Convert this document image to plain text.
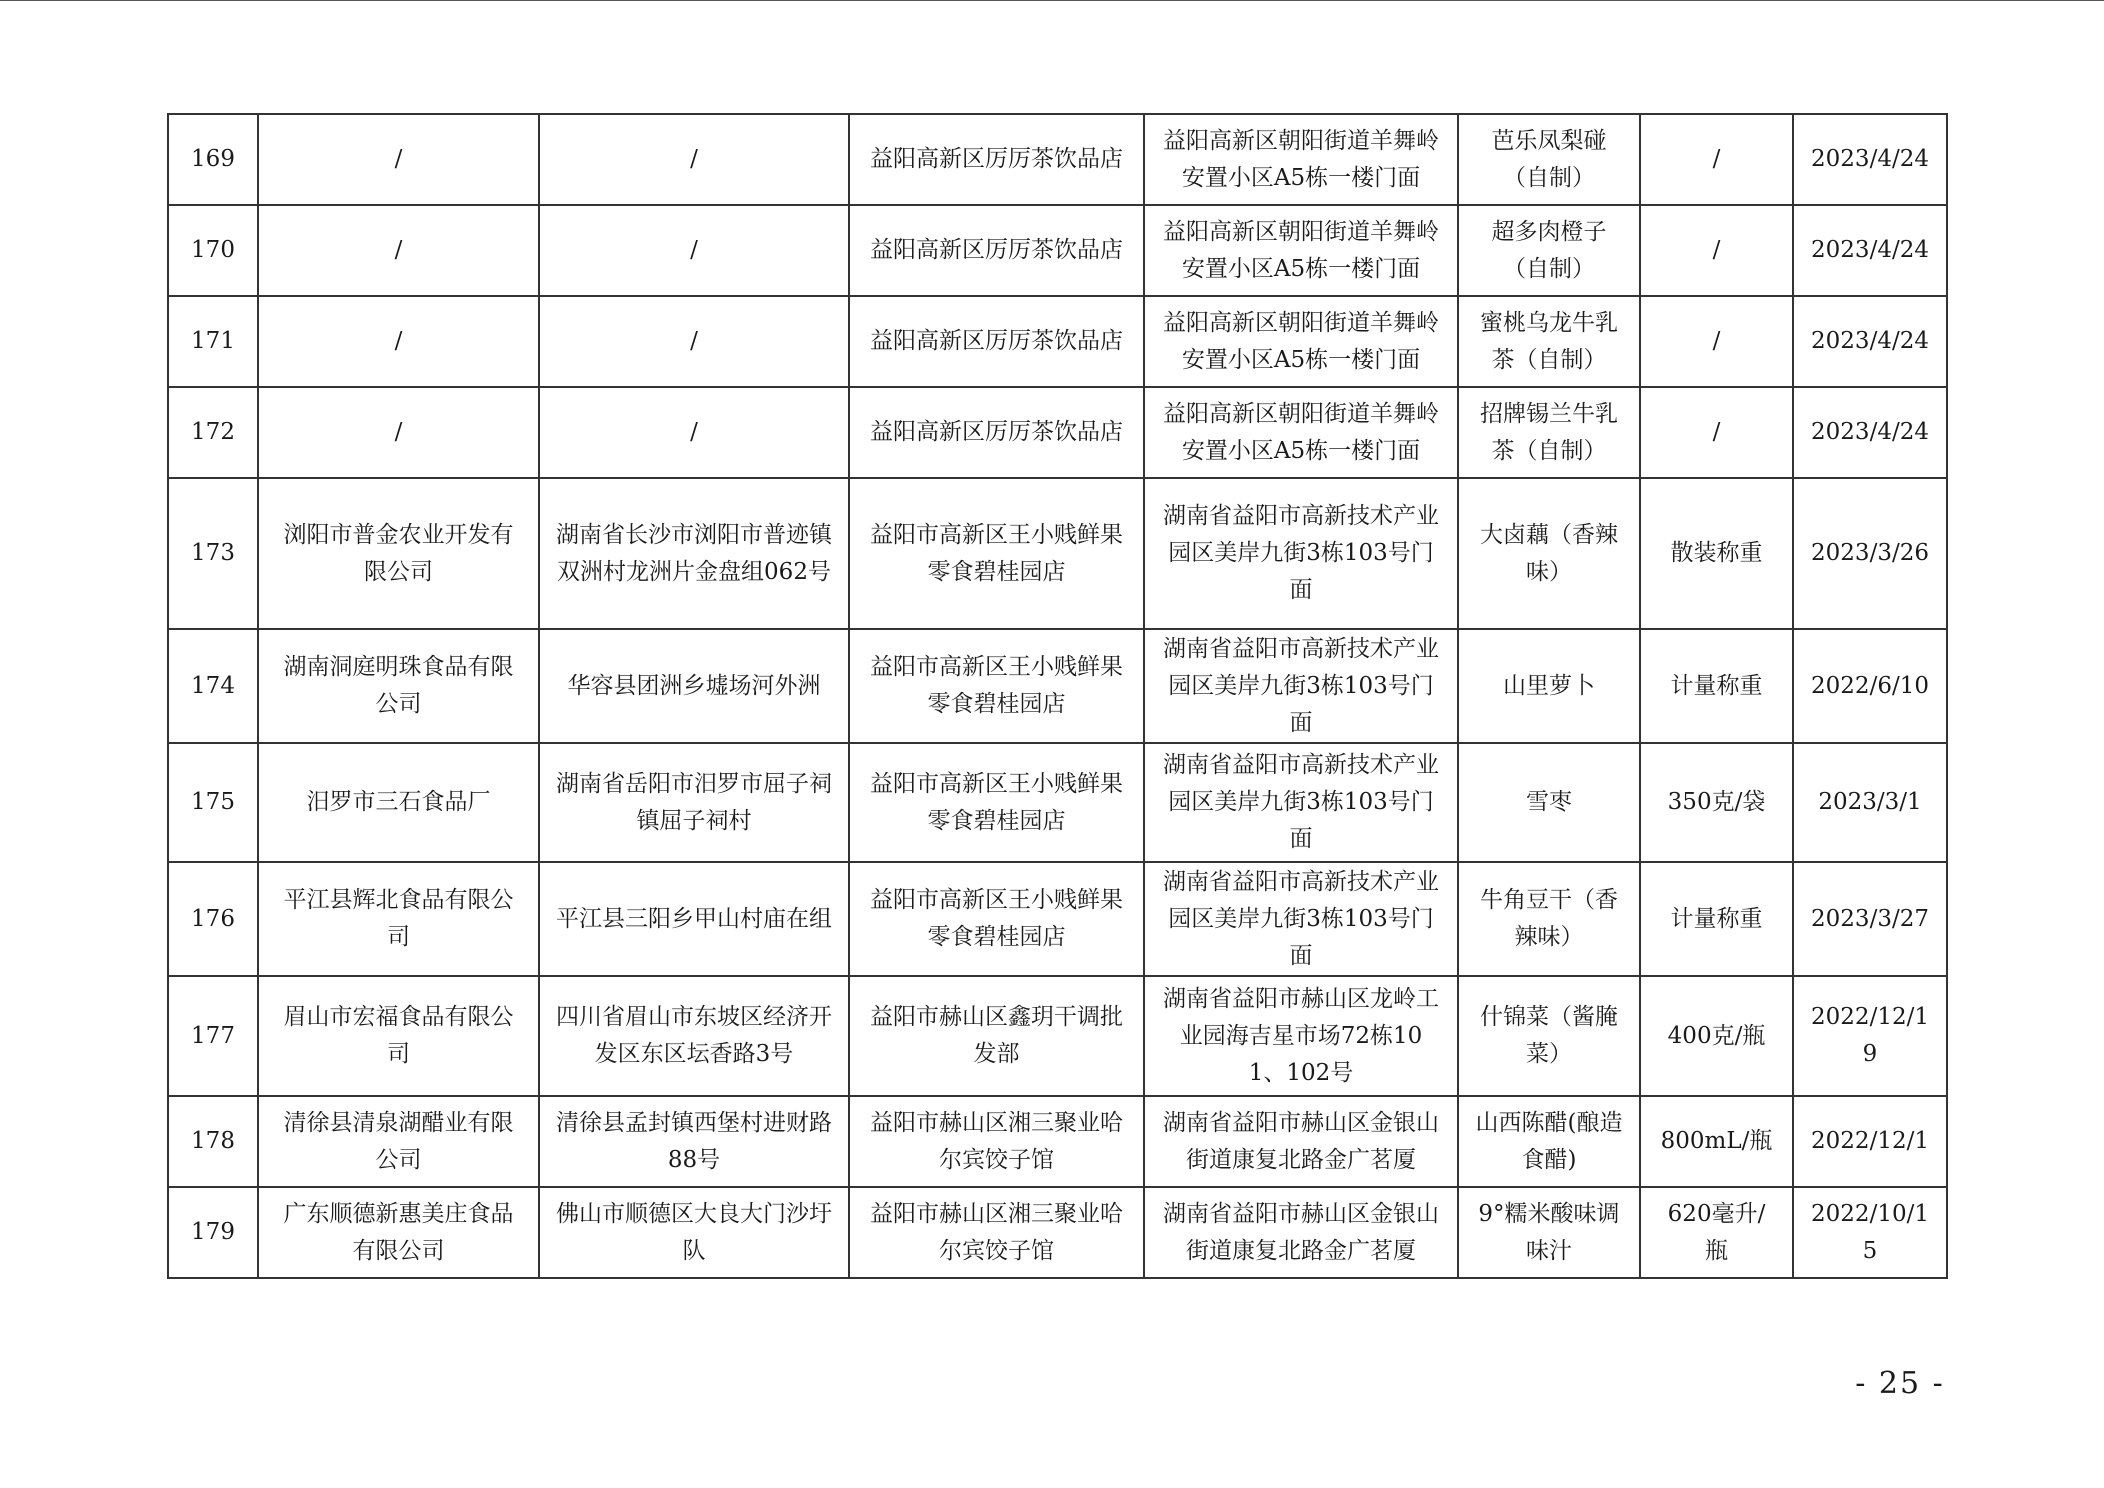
169	/	/	益阳高新区厉厉茶饮品店	益阳高新区朝阳街道羊舞岭安置小区A5栋一楼门面	芭乐凤梨碰（自制）	/	2023/4/24
170	/	/	益阳高新区厉厉茶饮品店	益阳高新区朝阳街道羊舞岭安置小区A5栋一楼门面	超多肉橙子（自制）	/	2023/4/24
171	/	/	益阳高新区厉厉茶饮品店	益阳高新区朝阳街道羊舞岭安置小区A5栋一楼门面	蜜桃乌龙牛乳茶（自制）	/	2023/4/24
172	/	/	益阳高新区厉厉茶饮品店	益阳高新区朝阳街道羊舞岭安置小区A5栋一楼门面	招牌锡兰牛乳茶（自制）	/	2023/4/24
173	浏阳市普金农业开发有限公司	湖南省长沙市浏阳市普迹镇双洲村龙洲片金盘组062号	益阳市高新区王小贱鲜果零食碧桂园店	湖南省益阳市高新技术产业园区美岸九街3栋103号门面	大卤藕（香辣味）	散装称重	2023/3/26
174	湖南洞庭明珠食品有限公司	华容县团洲乡墟场河外洲	益阳市高新区王小贱鲜果零食碧桂园店	湖南省益阳市高新技术产业园区美岸九街3栋103号门面	山里萝卜	计量称重	2022/6/10
175	汨罗市三石食品厂	湖南省岳阳市汨罗市屈子祠镇屈子祠村	益阳市高新区王小贱鲜果零食碧桂园店	湖南省益阳市高新技术产业园区美岸九街3栋103号门面	雪枣	350克/袋	2023/3/1
176	平江县辉北食品有限公司	平江县三阳乡甲山村庙在组	益阳市高新区王小贱鲜果零食碧桂园店	湖南省益阳市高新技术产业园区美岸九街3栋103号门面	牛角豆干（香辣味）	计量称重	2023/3/27
177	眉山市宏福食品有限公司	四川省眉山市东坡区经济开发区东区坛香路3号	益阳市赫山区鑫玥干调批发部	湖南省益阳市赫山区龙岭工业园海吉星市场72栋101、102号	什锦菜（酱腌菜）	400克/瓶	2022/12/19
178	清徐县清泉湖醋业有限公司	清徐县孟封镇西堡村进财路88号	益阳市赫山区湘三聚业哈尔宾饺子馆	湖南省益阳市赫山区金银山街道康复北路金广茗厦	山西陈醋(酿造食醋)	800mL/瓶	2022/12/1
179	广东顺德新惠美庄食品有限公司	佛山市顺德区大良大门沙圩队	益阳市赫山区湘三聚业哈尔宾饺子馆	湖南省益阳市赫山区金银山街道康复北路金广茗厦	9°糯米酸味调味汁	620毫升/瓶	2022/10/15
- 25 -
